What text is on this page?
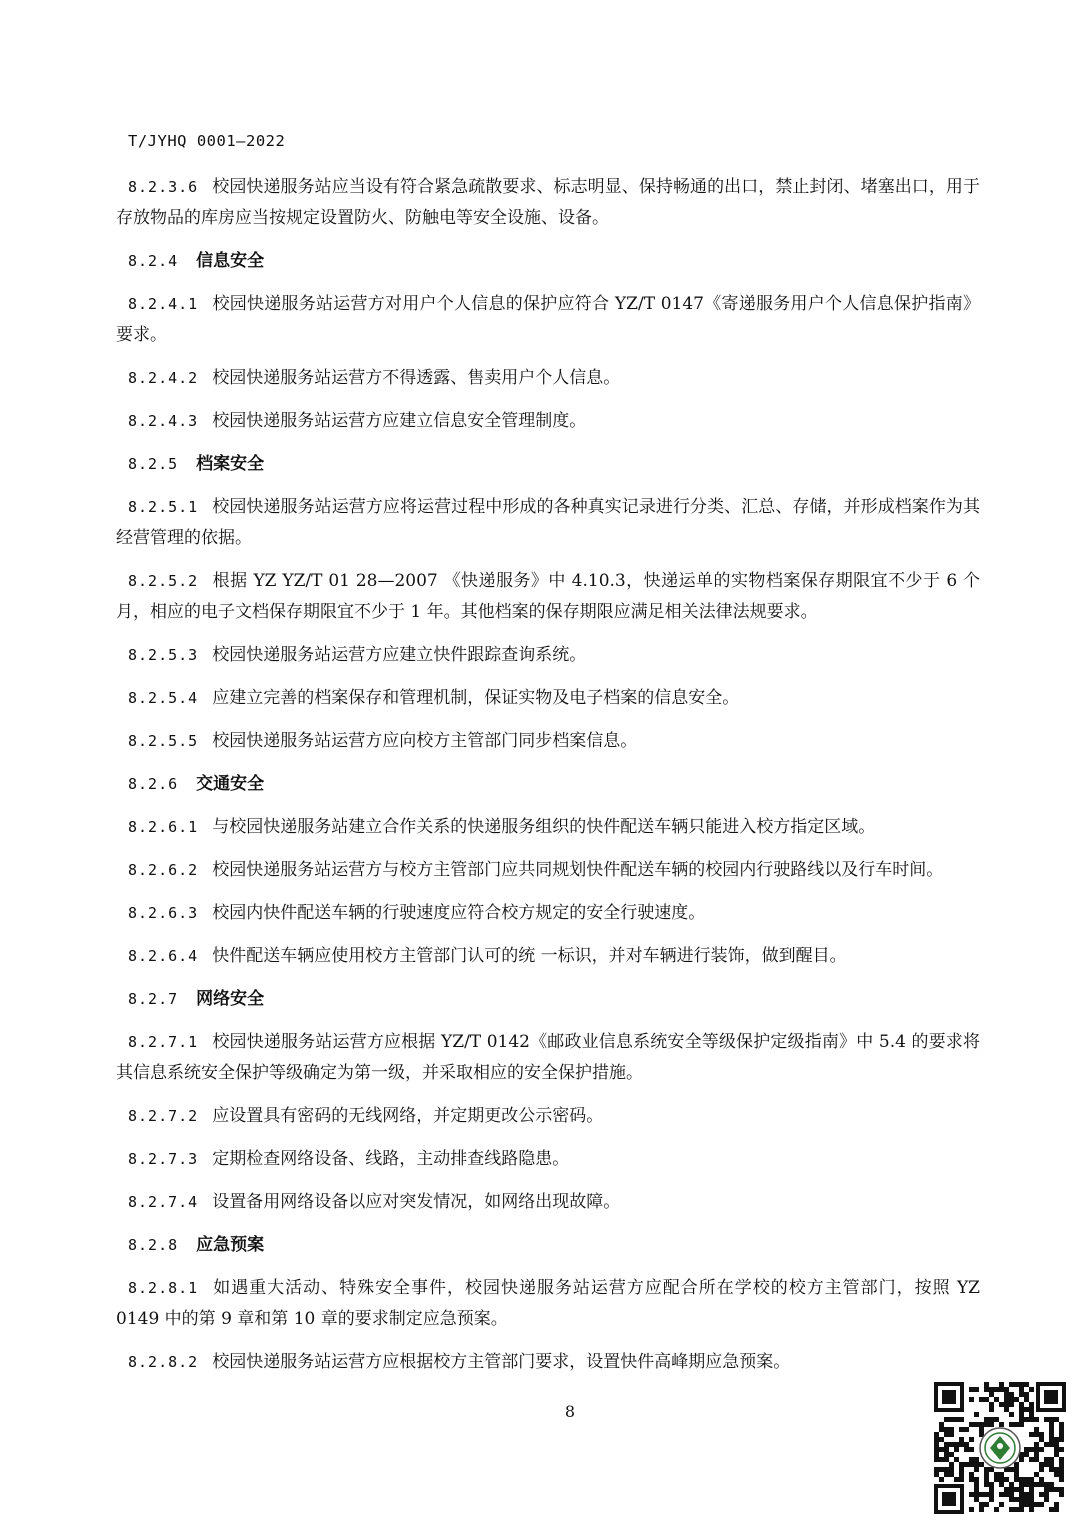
T/JYHQ 0001—2022
8.2.3.6 校园快递服务站应当设有符合紧急疏散要求、标志明显、保持畅通的出口，禁止封闭、堵塞出口，用于存放物品的库房应当按规定设置防火、防触电等安全设施、设备。
8.2.4 信息安全
8.2.4.1 校园快递服务站运营方对用户个人信息的保护应符合 YZ/T 0147《寄递服务用户个人信息保护指南》要求。
8.2.4.2 校园快递服务站运营方不得透露、售卖用户个人信息。
8.2.4.3 校园快递服务站运营方应建立信息安全管理制度。
8.2.5 档案安全
8.2.5.1 校园快递服务站运营方应将运营过程中形成的各种真实记录进行分类、汇总、存储，并形成档案作为其经营管理的依据。
8.2.5.2 根据 YZ YZ/T 01 28—2007 《快递服务》中 4.10.3，快递运单的实物档案保存期限宜不少于 6 个月，相应的电子文档保存期限宜不少于 1 年。其他档案的保存期限应满足相关法律法规要求。
8.2.5.3 校园快递服务站运营方应建立快件跟踪查询系统。
8.2.5.4 应建立完善的档案保存和管理机制，保证实物及电子档案的信息安全。
8.2.5.5 校园快递服务站运营方应向校方主管部门同步档案信息。
8.2.6 交通安全
8.2.6.1 与校园快递服务站建立合作关系的快递服务组织的快件配送车辆只能进入校方指定区域。
8.2.6.2 校园快递服务站运营方与校方主管部门应共同规划快件配送车辆的校园内行驶路线以及行车时间。
8.2.6.3 校园内快件配送车辆的行驶速度应符合校方规定的安全行驶速度。
8.2.6.4 快件配送车辆应使用校方主管部门认可的统 一标识，并对车辆进行装饰，做到醒目。
8.2.7 网络安全
8.2.7.1 校园快递服务站运营方应根据 YZ/T 0142《邮政业信息系统安全等级保护定级指南》中 5.4 的要求将其信息系统安全保护等级确定为第一级，并采取相应的安全保护措施。
8.2.7.2 应设置具有密码的无线网络，并定期更改公示密码。
8.2.7.3 定期检查网络设备、线路，主动排查线路隐患。
8.2.7.4 设置备用网络设备以应对突发情况，如网络出现故障。
8.2.8 应急预案
8.2.8.1 如遇重大活动、特殊安全事件，校园快递服务站运营方应配合所在学校的校方主管部门，按照 YZ 0149 中的第 9 章和第 10 章的要求制定应急预案。
8.2.8.2 校园快递服务站运营方应根据校方主管部门要求，设置快件高峰期应急预案。
8
